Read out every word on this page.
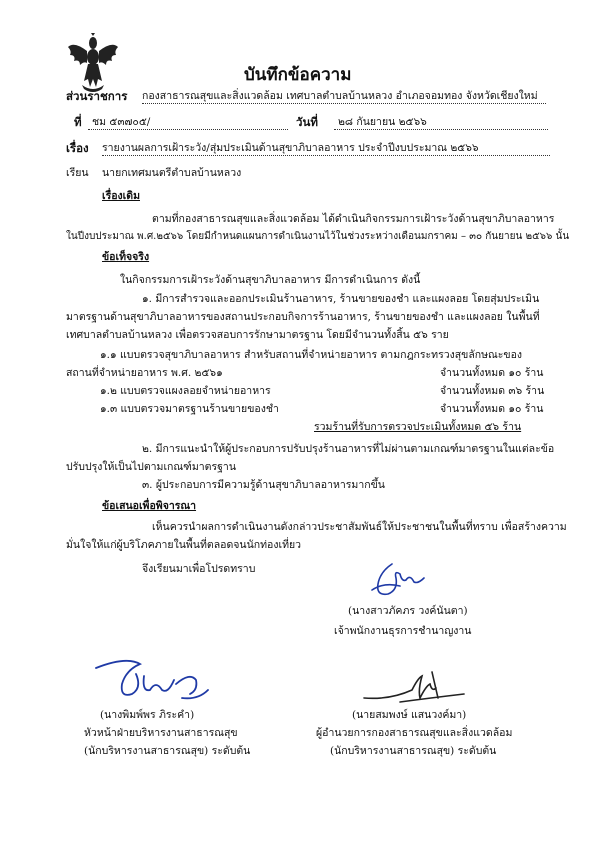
บันทึกข้อความ
ส่วนราชการ กองสาธารณสุขและสิ่งแวดล้อม เทศบาลตำบลบ้านหลวง อำเภอจอมทอง จังหวัดเชียงใหม่
ที่ ชม ๕๓๗๐๕/	วันที่	๒๘ กันยายน ๒๕๖๖
เรื่อง รายงานผลการเฝ้าระวัง/สุ่มประเมินด้านสุขาภิบาลอาหาร ประจำปีงบประมาณ ๒๕๖๖
เรียน นายกเทศมนตรีตำบลบ้านหลวง
เรื่องเดิม
ตามที่กองสาธารณสุขและสิ่งแวดล้อม ได้ดำเนินกิจกรรมการเฝ้าระวังด้านสุขาภิบาลอาหาร
ในปีงบประมาณ พ.ศ.๒๕๖๖ โดยมีกำหนดแผนการดำเนินงานไว้ในช่วงระหว่างเดือนมกราคม – ๓๐ กันยายน ๒๕๖๖ นั้น
ข้อเท็จจริง
ในกิจกรรมการเฝ้าระวังด้านสุขาภิบาลอาหาร มีการดำเนินการ ดังนี้
๑. มีการสำรวจและออกประเมินร้านอาหาร, ร้านขายของชำ และแผงลอย โดยสุ่มประเมิน
มาตรฐานด้านสุขาภิบาลอาหารของสถานประกอบกิจการร้านอาหาร, ร้านขายของชำ และแผงลอย ในพื้นที่
เทศบาลตำบลบ้านหลวง เพื่อตรวจสอบการรักษามาตรฐาน โดยมีจำนวนทั้งสิ้น ๕๖ ราย
๑.๑ แบบตรวจสุขาภิบาลอาหาร สำหรับสถานที่จำหน่ายอาหาร ตามกฎกระทรวงสุขลักษณะของ
สถานที่จำหน่ายอาหาร พ.ศ. ๒๕๖๑	จำนวนทั้งหมด ๑๐ ร้าน
๑.๒ แบบตรวจแผงลอยจำหน่ายอาหาร	จำนวนทั้งหมด ๓๖ ร้าน
๑.๓ แบบตรวจมาตรฐานร้านขายของชำ	จำนวนทั้งหมด ๑๐ ร้าน
รวมร้านที่รับการตรวจประเมินทั้งหมด ๕๖ ร้าน
๒. มีการแนะนำให้ผู้ประกอบการปรับปรุงร้านอาหารที่ไม่ผ่านตามเกณฑ์มาตรฐานในแต่ละข้อ
ปรับปรุงให้เป็นไปตามเกณฑ์มาตรฐาน
๓. ผู้ประกอบการมีความรู้ด้านสุขาภิบาลอาหารมากขึ้น
ข้อเสนอเพื่อพิจารณา
เห็นควรนำผลการดำเนินงานดังกล่าวประชาสัมพันธ์ให้ประชาชนในพื้นที่ทราบ เพื่อสร้างความ
มั่นใจให้แก่ผู้บริโภคภายในพื้นที่ตลอดจนนักท่องเที่ยว
จึงเรียนมาเพื่อโปรดทราบ
(นางสาวภัคภร วงค์นันตา)
เจ้าพนักงานธุรการชำนาญงาน
(นางพิมพ์พร ภิระคำ)
หัวหน้าฝ่ายบริหารงานสาธารณสุข
(นักบริหารงานสาธารณสุข) ระดับต้น
(นายสมพงษ์ แสนวงค์มา)
ผู้อำนวยการกองสาธารณสุขและสิ่งแวดล้อม
(นักบริหารงานสาธารณสุข) ระดับต้น
